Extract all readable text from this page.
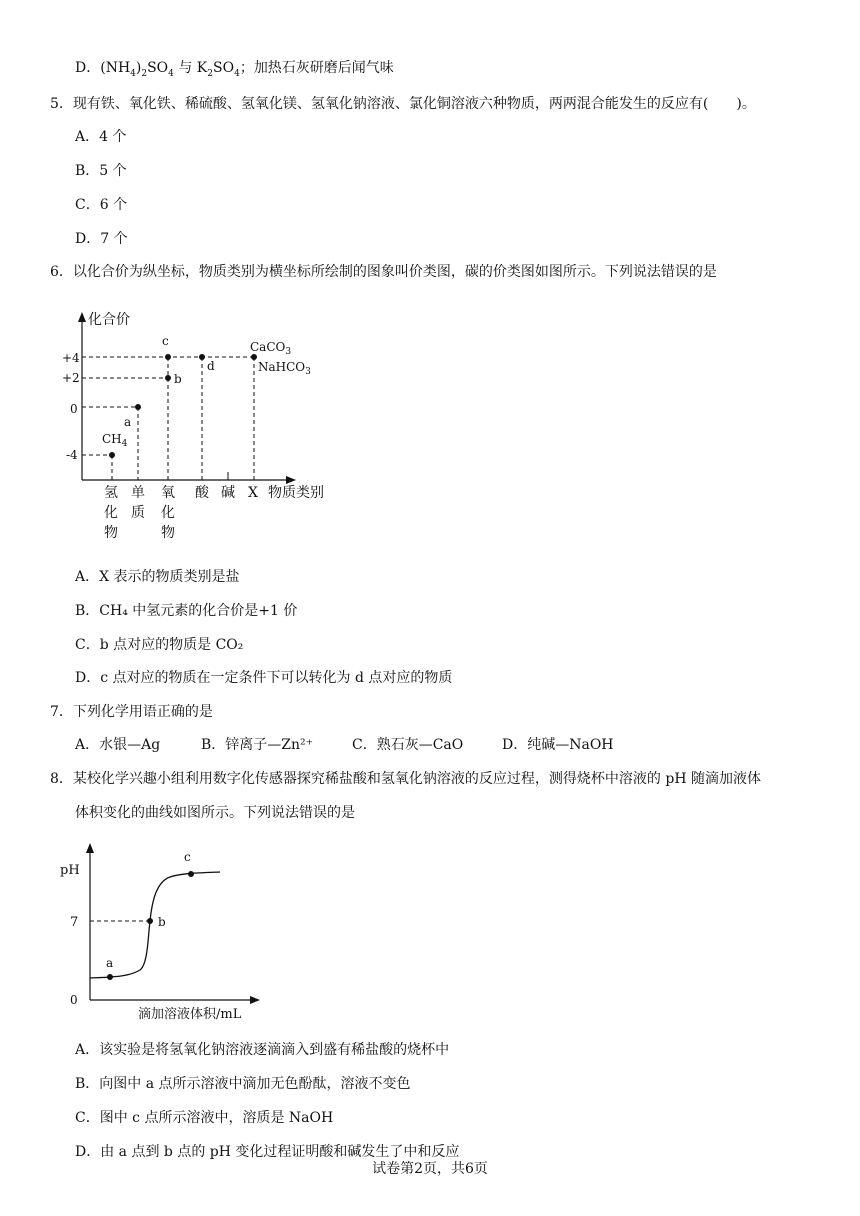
D．$(NH_4)_2SO_4$ 与 $K_2SO_4$；加热石灰研磨后闻气味
5．现有铁、氧化铁、稀硫酸、氢氧化镁、氢氧化钠溶液、氯化铜溶液六种物质，两两混合能发生的反应有(　　)。
A．4 个
B．5 个
C．6 个
D．7 个
6．以化合价为纵坐标，物质类别为横坐标所绘制的图象叫价类图，碳的价类图如图所示。下列说法错误的是
化合价
物质类别
+4
+2
0
-4
$CH_4$
a
b
c
d
CaCO$_3$
NaHCO$_3$
氢
化
物
单
质
氧
化
物
酸 碱 X
A．X 表示的物质类别是盐
B．CH₄ 中氢元素的化合价是+1 价
C．b 点对应的物质是 CO₂
D．c 点对应的物质在一定条件下可以转化为 d 点对应的物质
7．下列化学用语正确的是
A．水银—Ag	B．锌离子—Zn²⁺	C．熟石灰—CaO	D．纯碱—NaOH
8．某校化学兴趣小组利用数字化传感器探究稀盐酸和氢氧化钠溶液的反应过程，测得烧杯中溶液的 pH 随滴加液体
体积变化的曲线如图所示。下列说法错误的是
pH
7
0
滴加溶液体积/mL
a
b
c
A．该实验是将氢氧化钠溶液逐滴滴入到盛有稀盐酸的烧杯中
B．向图中 a 点所示溶液中滴加无色酚酞，溶液不变色
C．图中 c 点所示溶液中，溶质是 NaOH
D．由 a 点到 b 点的 pH 变化过程证明酸和碱发生了中和反应
试卷第2页，共6页
